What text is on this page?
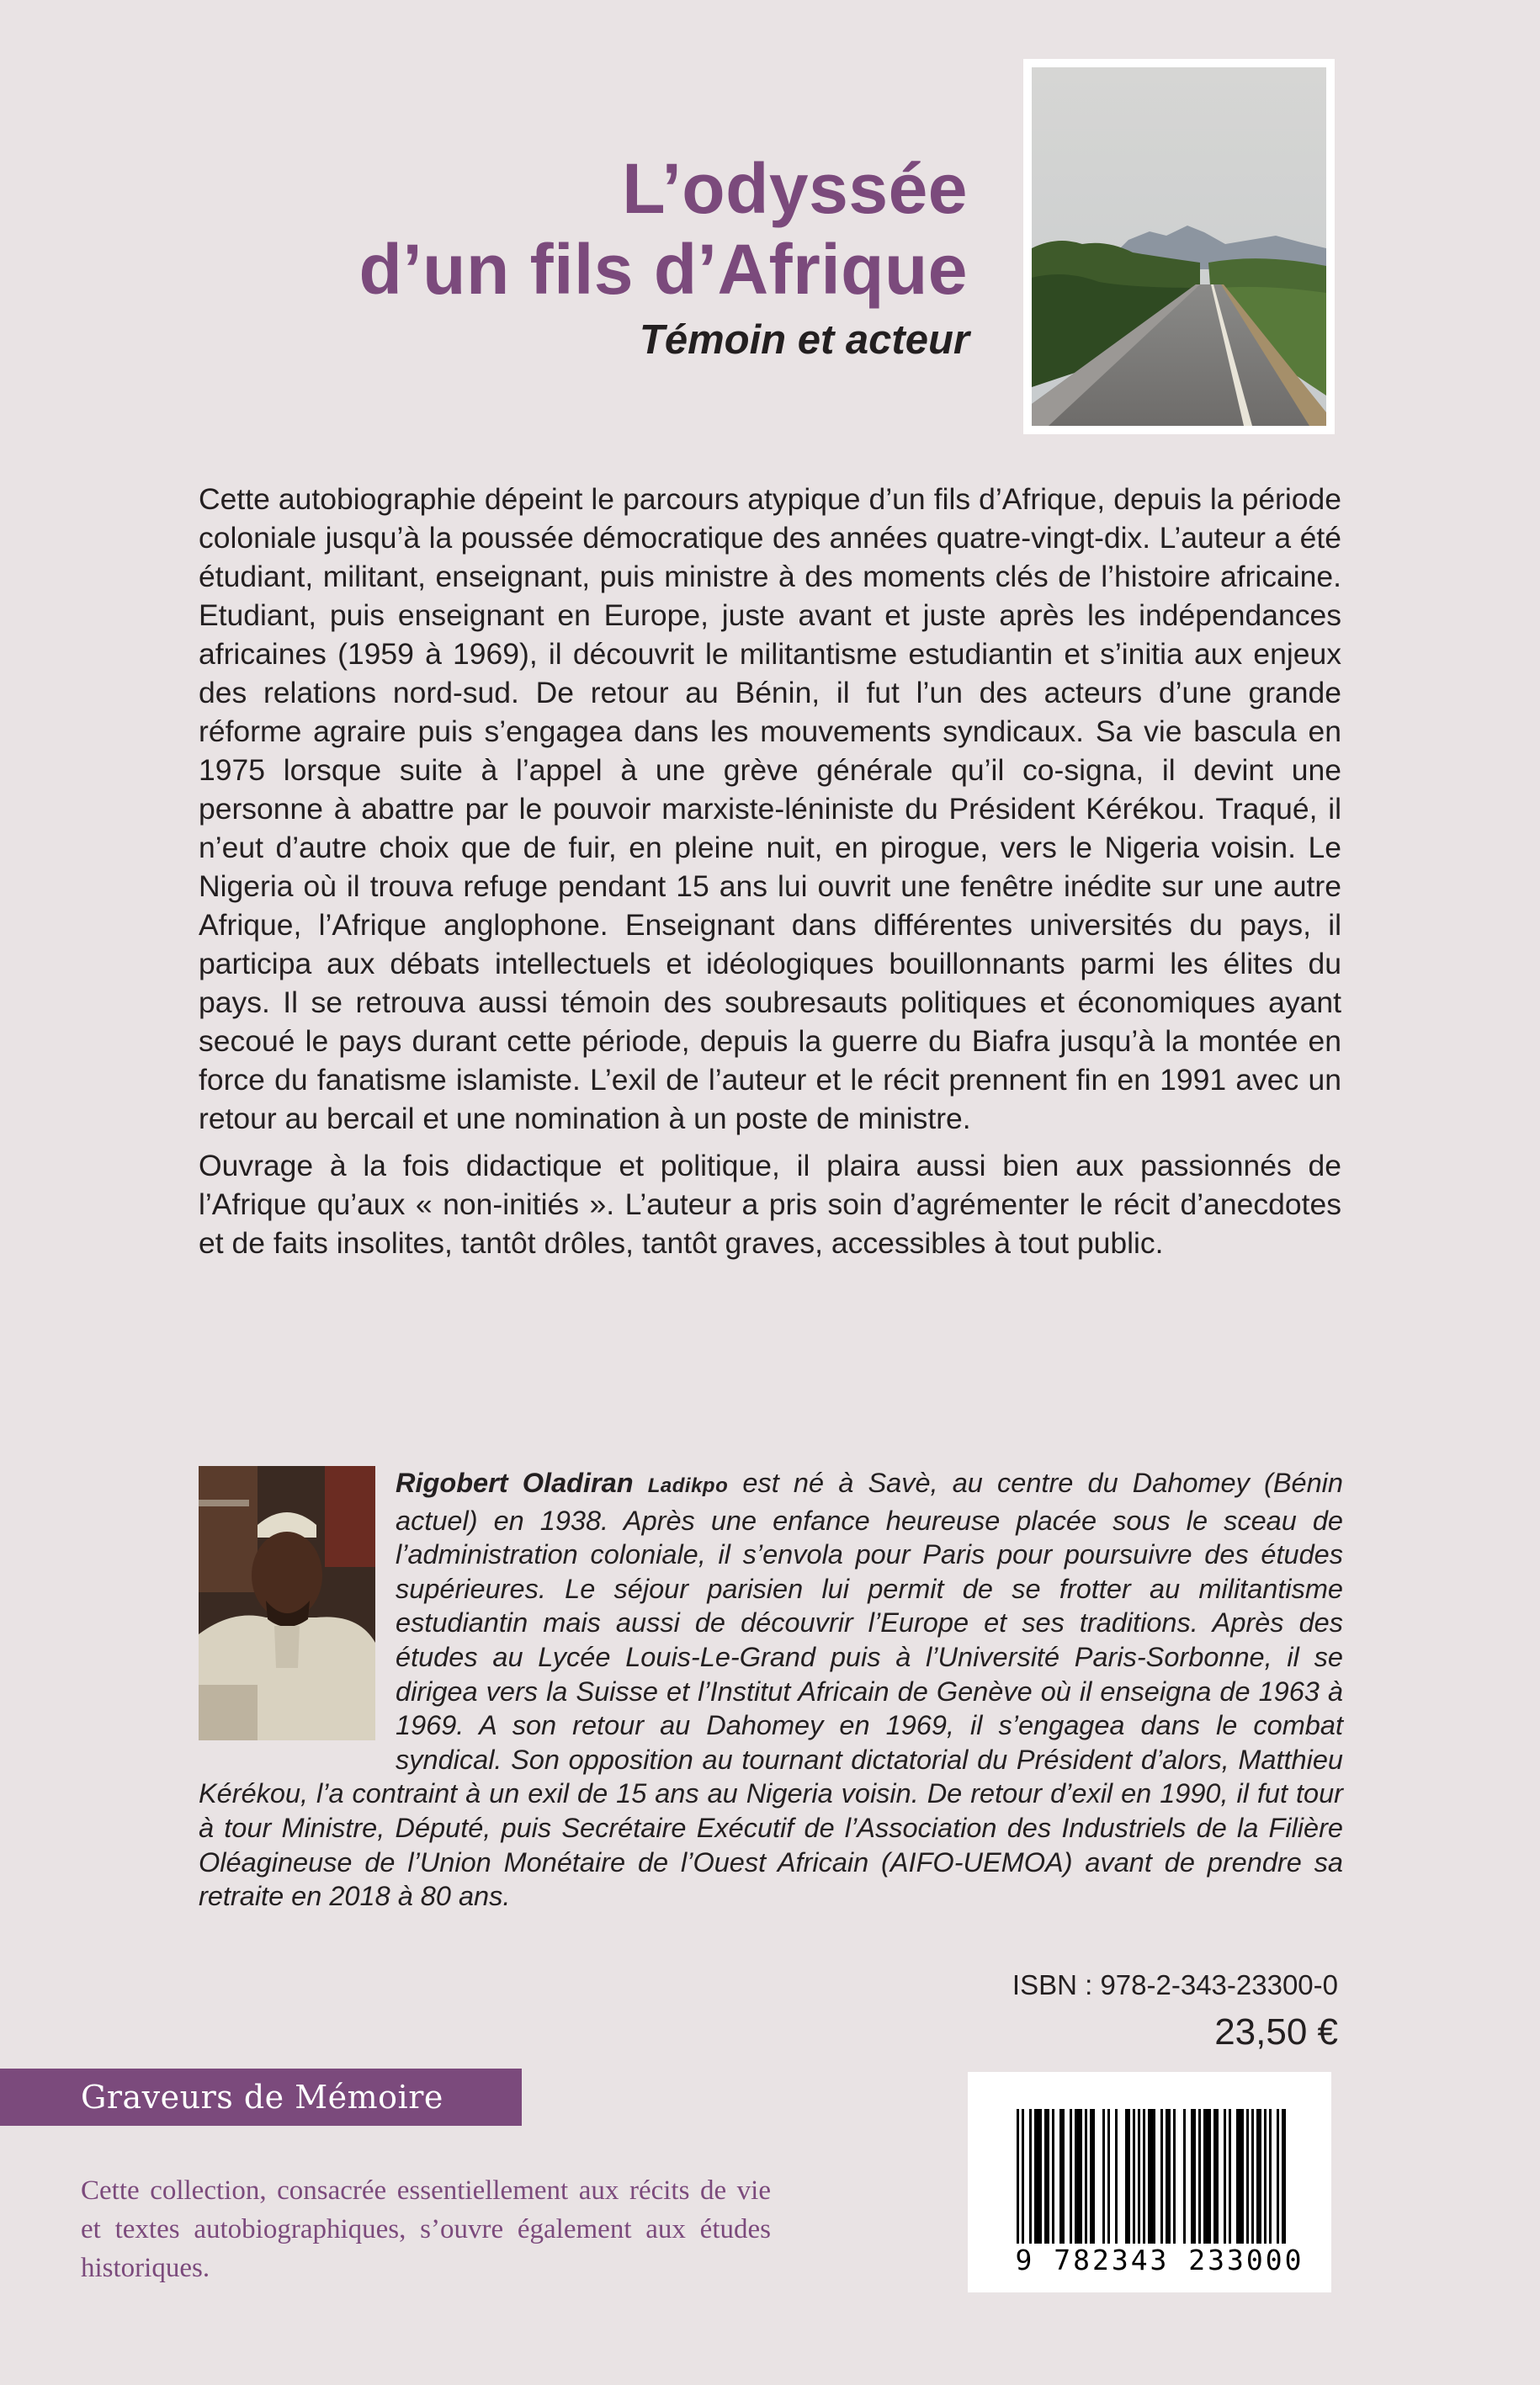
L’odyssée
d’un fils d’Afrique
Témoin et acteur

Cette autobiographie dépeint le parcours atypique d’un fils d’Afrique, depuis la période coloniale jusqu’à la poussée démocratique des années quatre-vingt-dix. L’auteur a été étudiant, militant, enseignant, puis ministre à des moments clés de l’histoire africaine. Etudiant, puis enseignant en Europe, juste avant et juste après les indépendances africaines (1959 à 1969), il découvrit le militantisme estudiantin et s’initia aux enjeux des relations nord-sud. De retour au Bénin, il fut l’un des acteurs d’une grande réforme agraire puis s’engagea dans les mouvements syndicaux. Sa vie bascula en 1975 lorsque suite à l’appel à une grève générale qu’il co-signa, il devint une personne à abattre par le pouvoir marxiste-léniniste du Président Kérékou. Traqué, il n’eut d’autre choix que de fuir, en pleine nuit, en pirogue, vers le Nigeria voisin. Le Nigeria où il trouva refuge pendant 15 ans lui ouvrit une fenêtre inédite sur une autre Afrique, l’Afrique anglophone. Enseignant dans différentes universités du pays, il participa aux débats intellectuels et idéologiques bouillonnants parmi les élites du pays. Il se retrouva aussi témoin des soubresauts politiques et économiques ayant secoué le pays durant cette période, depuis la guerre du Biafra jusqu’à la montée en force du fanatisme islamiste. L’exil de l’auteur et le récit prennent fin en 1991 avec un retour au bercail et une nomination à un poste de ministre.

Ouvrage à la fois didactique et politique, il plaira aussi bien aux passionnés de l’Afrique qu’aux « non-initiés ». L’auteur a pris soin d’agrémenter le récit d’anecdotes et de faits insolites, tantôt drôles, tantôt graves, accessibles à tout public.

Rigobert Oladiran Ladikpo est né à Savè, au centre du Dahomey (Bénin actuel) en 1938. Après une enfance heureuse placée sous le sceau de l’administration coloniale, il s’envola pour Paris pour poursuivre des études supérieures. Le séjour parisien lui permit de se frotter au militantisme estudiantin mais aussi de découvrir l’Europe et ses traditions. Après des études au Lycée Louis-Le-Grand puis à l’Université Paris-Sorbonne, il se dirigea vers la Suisse et l’Institut Africain de Genève où il enseigna de 1963 à 1969. A son retour au Dahomey en 1969, il s’engagea dans le combat syndical. Son opposition au tournant dictatorial du Président d’alors, Matthieu Kérékou, l’a contraint à un exil de 15 ans au Nigeria voisin. De retour d’exil en 1990, il fut tour à tour Ministre, Député, puis Secrétaire Exécutif de l’Association des Industriels de la Filière Oléagineuse de l’Union Monétaire de l’Ouest Africain (AIFO-UEMOA) avant de prendre sa retraite en 2018 à 80 ans.
ISBN : 978-2-343-23300-0
23,50 €
Graveurs de Mémoire
Cette collection, consacrée essentiellement aux récits de vie et textes autobiographiques, s’ouvre également aux études historiques.	9 782343 233000
